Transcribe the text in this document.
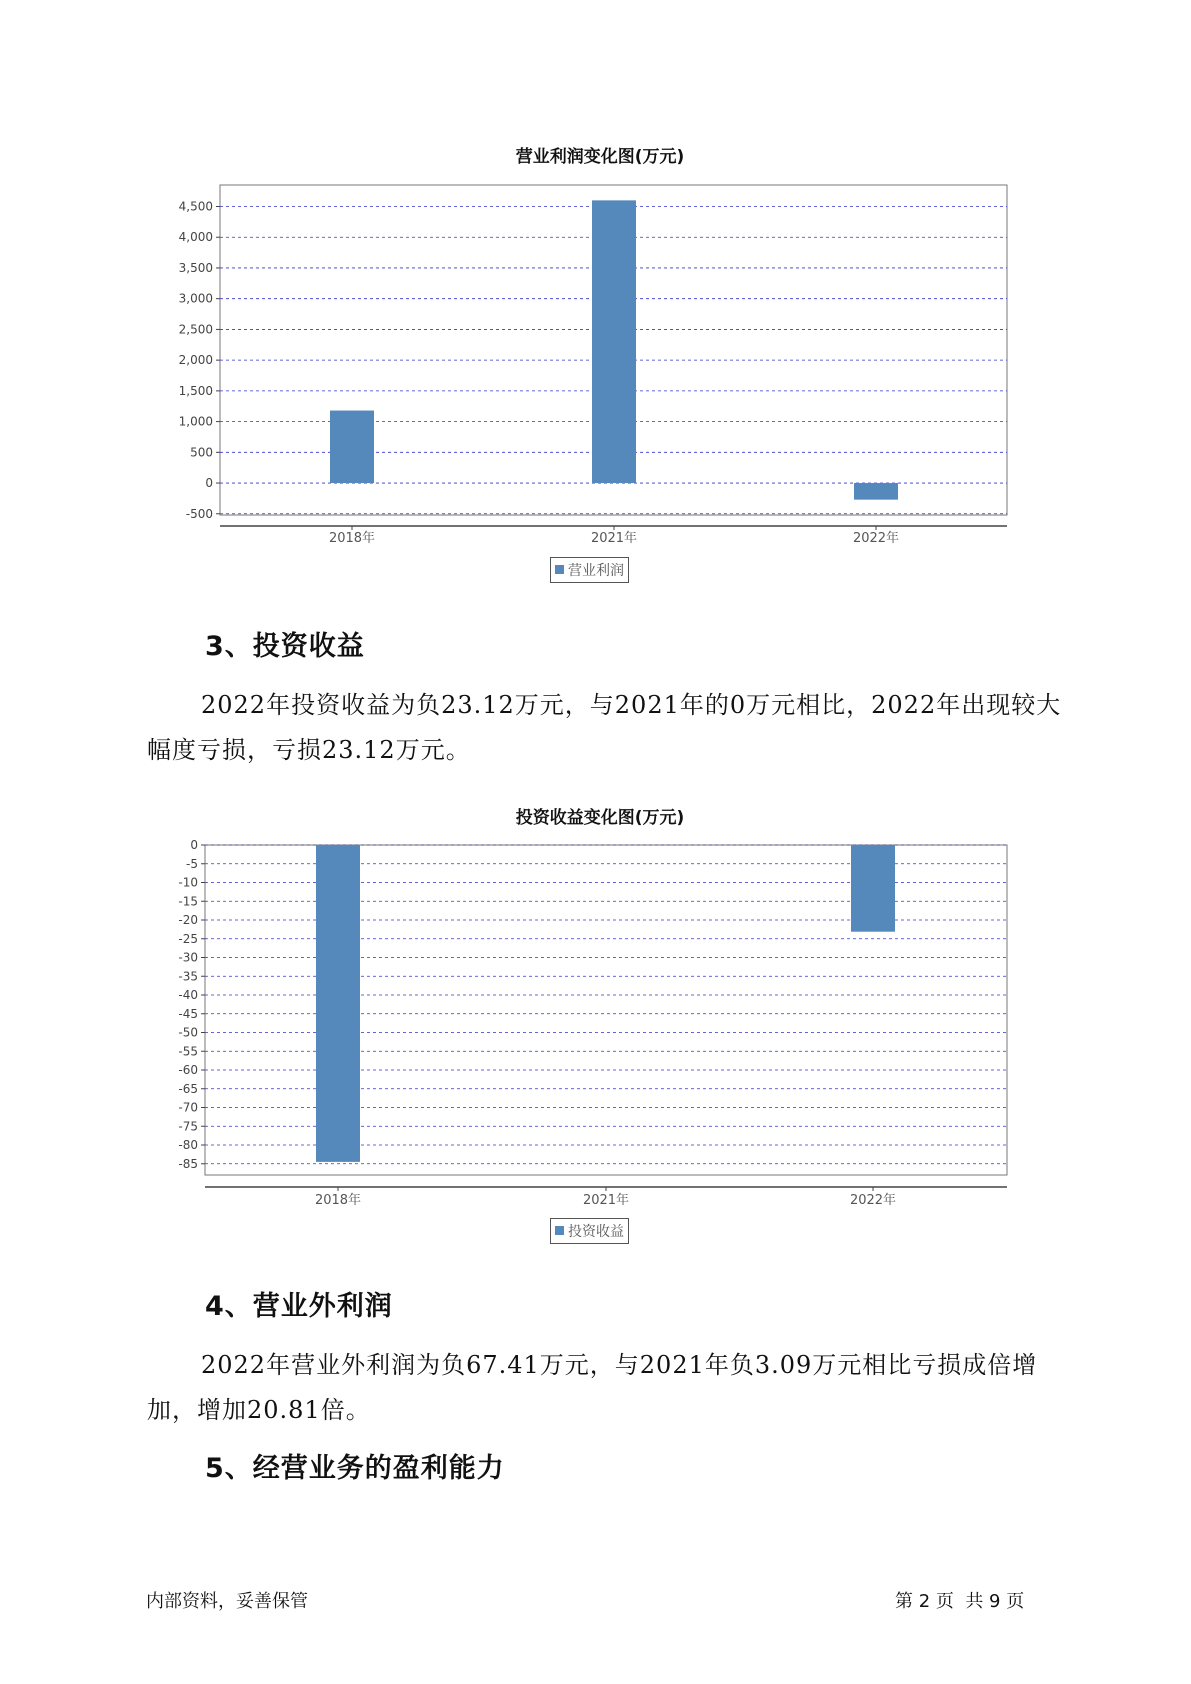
营业利润变化图(万元)
-500
0
500
1,000
1,500
2,000
2,500
3,000
3,500
4,000
4,500
2018年	2021年	2022年
营业利润
3、投资收益

2022年投资收益为负23.12万元，与2021年的0万元相比，2022年出现较大幅度亏损，亏损23.12万元。

投资收益变化图(万元)
0
-5
-10
-15
-20
-25
-30
-35
-40
-45
-50
-55
-60
-65
-70
-75
-80
-85
2018年	2021年	2022年
投资收益
4、营业外利润

2022年营业外利润为负67.41万元，与2021年负3.09万元相比亏损成倍增加，增加20.81倍。

5、经营业务的盈利能力
内部资料，妥善保管	第 2 页  共 9 页
